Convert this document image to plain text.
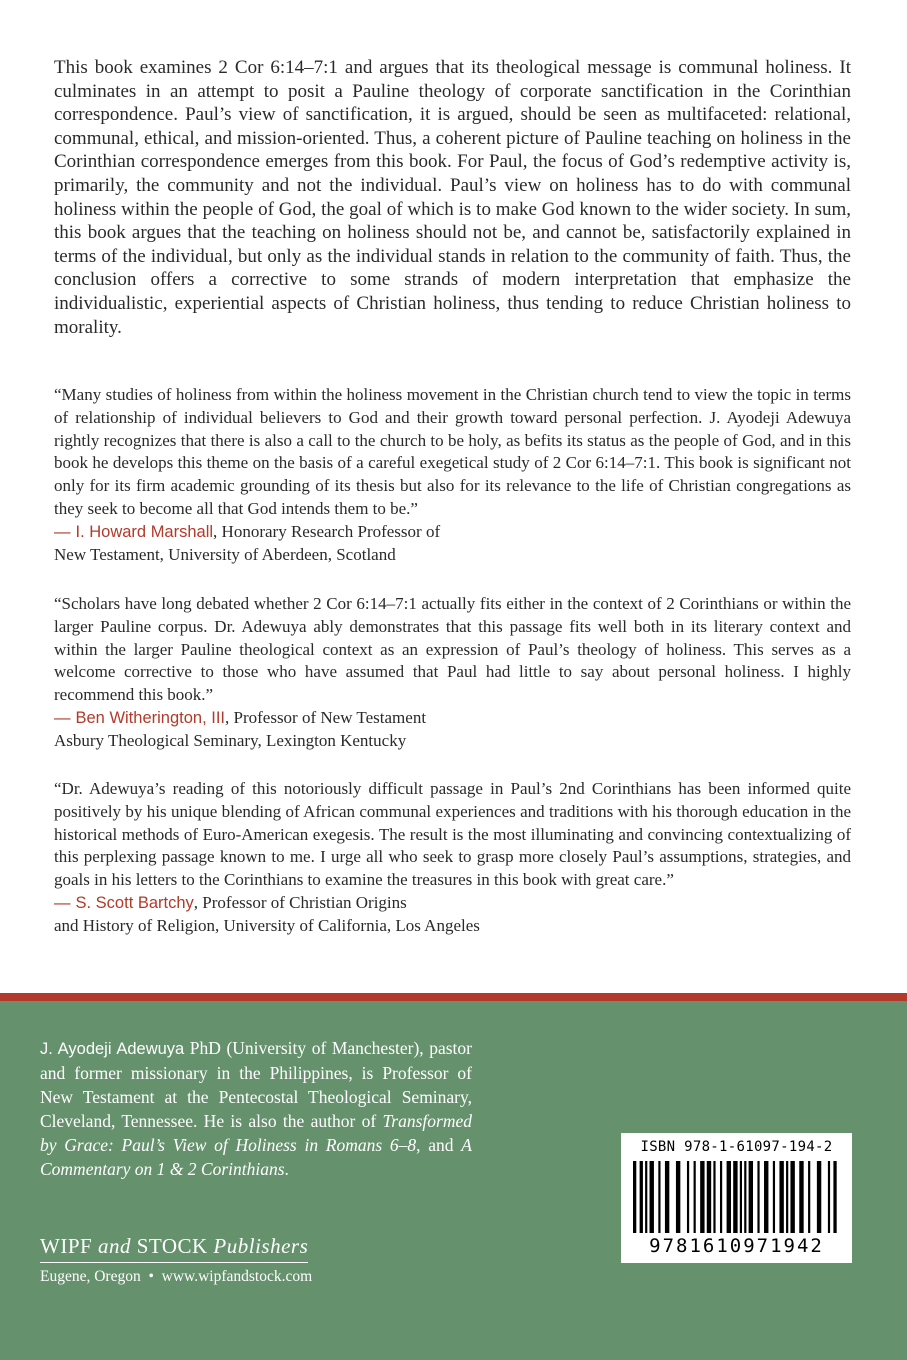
This book examines 2 Cor 6:14–7:1 and argues that its theological message is communal holiness. It culminates in an attempt to posit a Pauline theology of corporate sanctification in the Corinthian correspondence. Paul’s view of sanctification, it is argued, should be seen as multifaceted: relational, communal, ethical, and mission-oriented. Thus, a coherent picture of Pauline teaching on holiness in the Corinthian correspondence emerges from this book. For Paul, the focus of God’s redemptive activity is, primarily, the community and not the individual. Paul’s view on holiness has to do with communal holiness within the people of God, the goal of which is to make God known to the wider society. In sum, this book argues that the teaching on holiness should not be, and cannot be, satisfactorily explained in terms of the individual, but only as the individual stands in relation to the community of faith. Thus, the conclusion offers a corrective to some strands of modern interpretation that emphasize the individualistic, experiential aspects of Christian holiness, thus tending to reduce Christian holiness to morality.

“Many studies of holiness from within the holiness movement in the Christian church tend to view the topic in terms of relationship of individual believers to God and their growth toward personal perfection. J. Ayodeji Adewuya rightly recognizes that there is also a call to the church to be holy, as befits its status as the people of God, and in this book he develops this theme on the basis of a careful exegetical study of 2 Cor 6:14–7:1. This book is significant not only for its firm academic grounding of its thesis but also for its relevance to the life of Christian congregations as they seek to become all that God intends them to be.”

— I. Howard Marshall, Honorary Research Professor of

New Testament, University of Aberdeen, Scotland

“Scholars have long debated whether 2 Cor 6:14–7:1 actually fits either in the context of 2 Corinthians or within the larger Pauline corpus. Dr. Adewuya ably demonstrates that this passage fits well both in its literary context and within the larger Pauline theological context as an expression of Paul’s theology of holiness. This serves as a welcome corrective to those who have assumed that Paul had little to say about personal holiness. I highly recommend this book.”

— Ben Witherington, III, Professor of New Testament

Asbury Theological Seminary, Lexington Kentucky

“Dr. Adewuya’s reading of this notoriously difficult passage in Paul’s 2nd Corinthians has been informed quite positively by his unique blending of African communal experiences and traditions with his thorough education in the historical methods of Euro-American exegesis. The result is the most illuminating and convincing contextualizing of this perplexing passage known to me. I urge all who seek to grasp more closely Paul’s assumptions, strategies, and goals in his letters to the Corinthians to examine the treasures in this book with great care.”

— S. Scott Bartchy, Professor of Christian Origins

and History of Religion, University of California, Los Angeles

J. Ayodeji Adewuya PhD (University of Manchester), pastor and former missionary in the Philippines, is Professor of New Testament at the Pentecostal Theological Seminary, Cleveland, Tennessee. He is also the author of Transformed by Grace: Paul’s View of Holiness in Romans 6–8, and A Commentary on 1 & 2 Corinthians.

WIPF and STOCK Publishers
Eugene, Oregon  •  www.wipfandstock.com
ISBN 978-1-61097-194-2
9781610971942
